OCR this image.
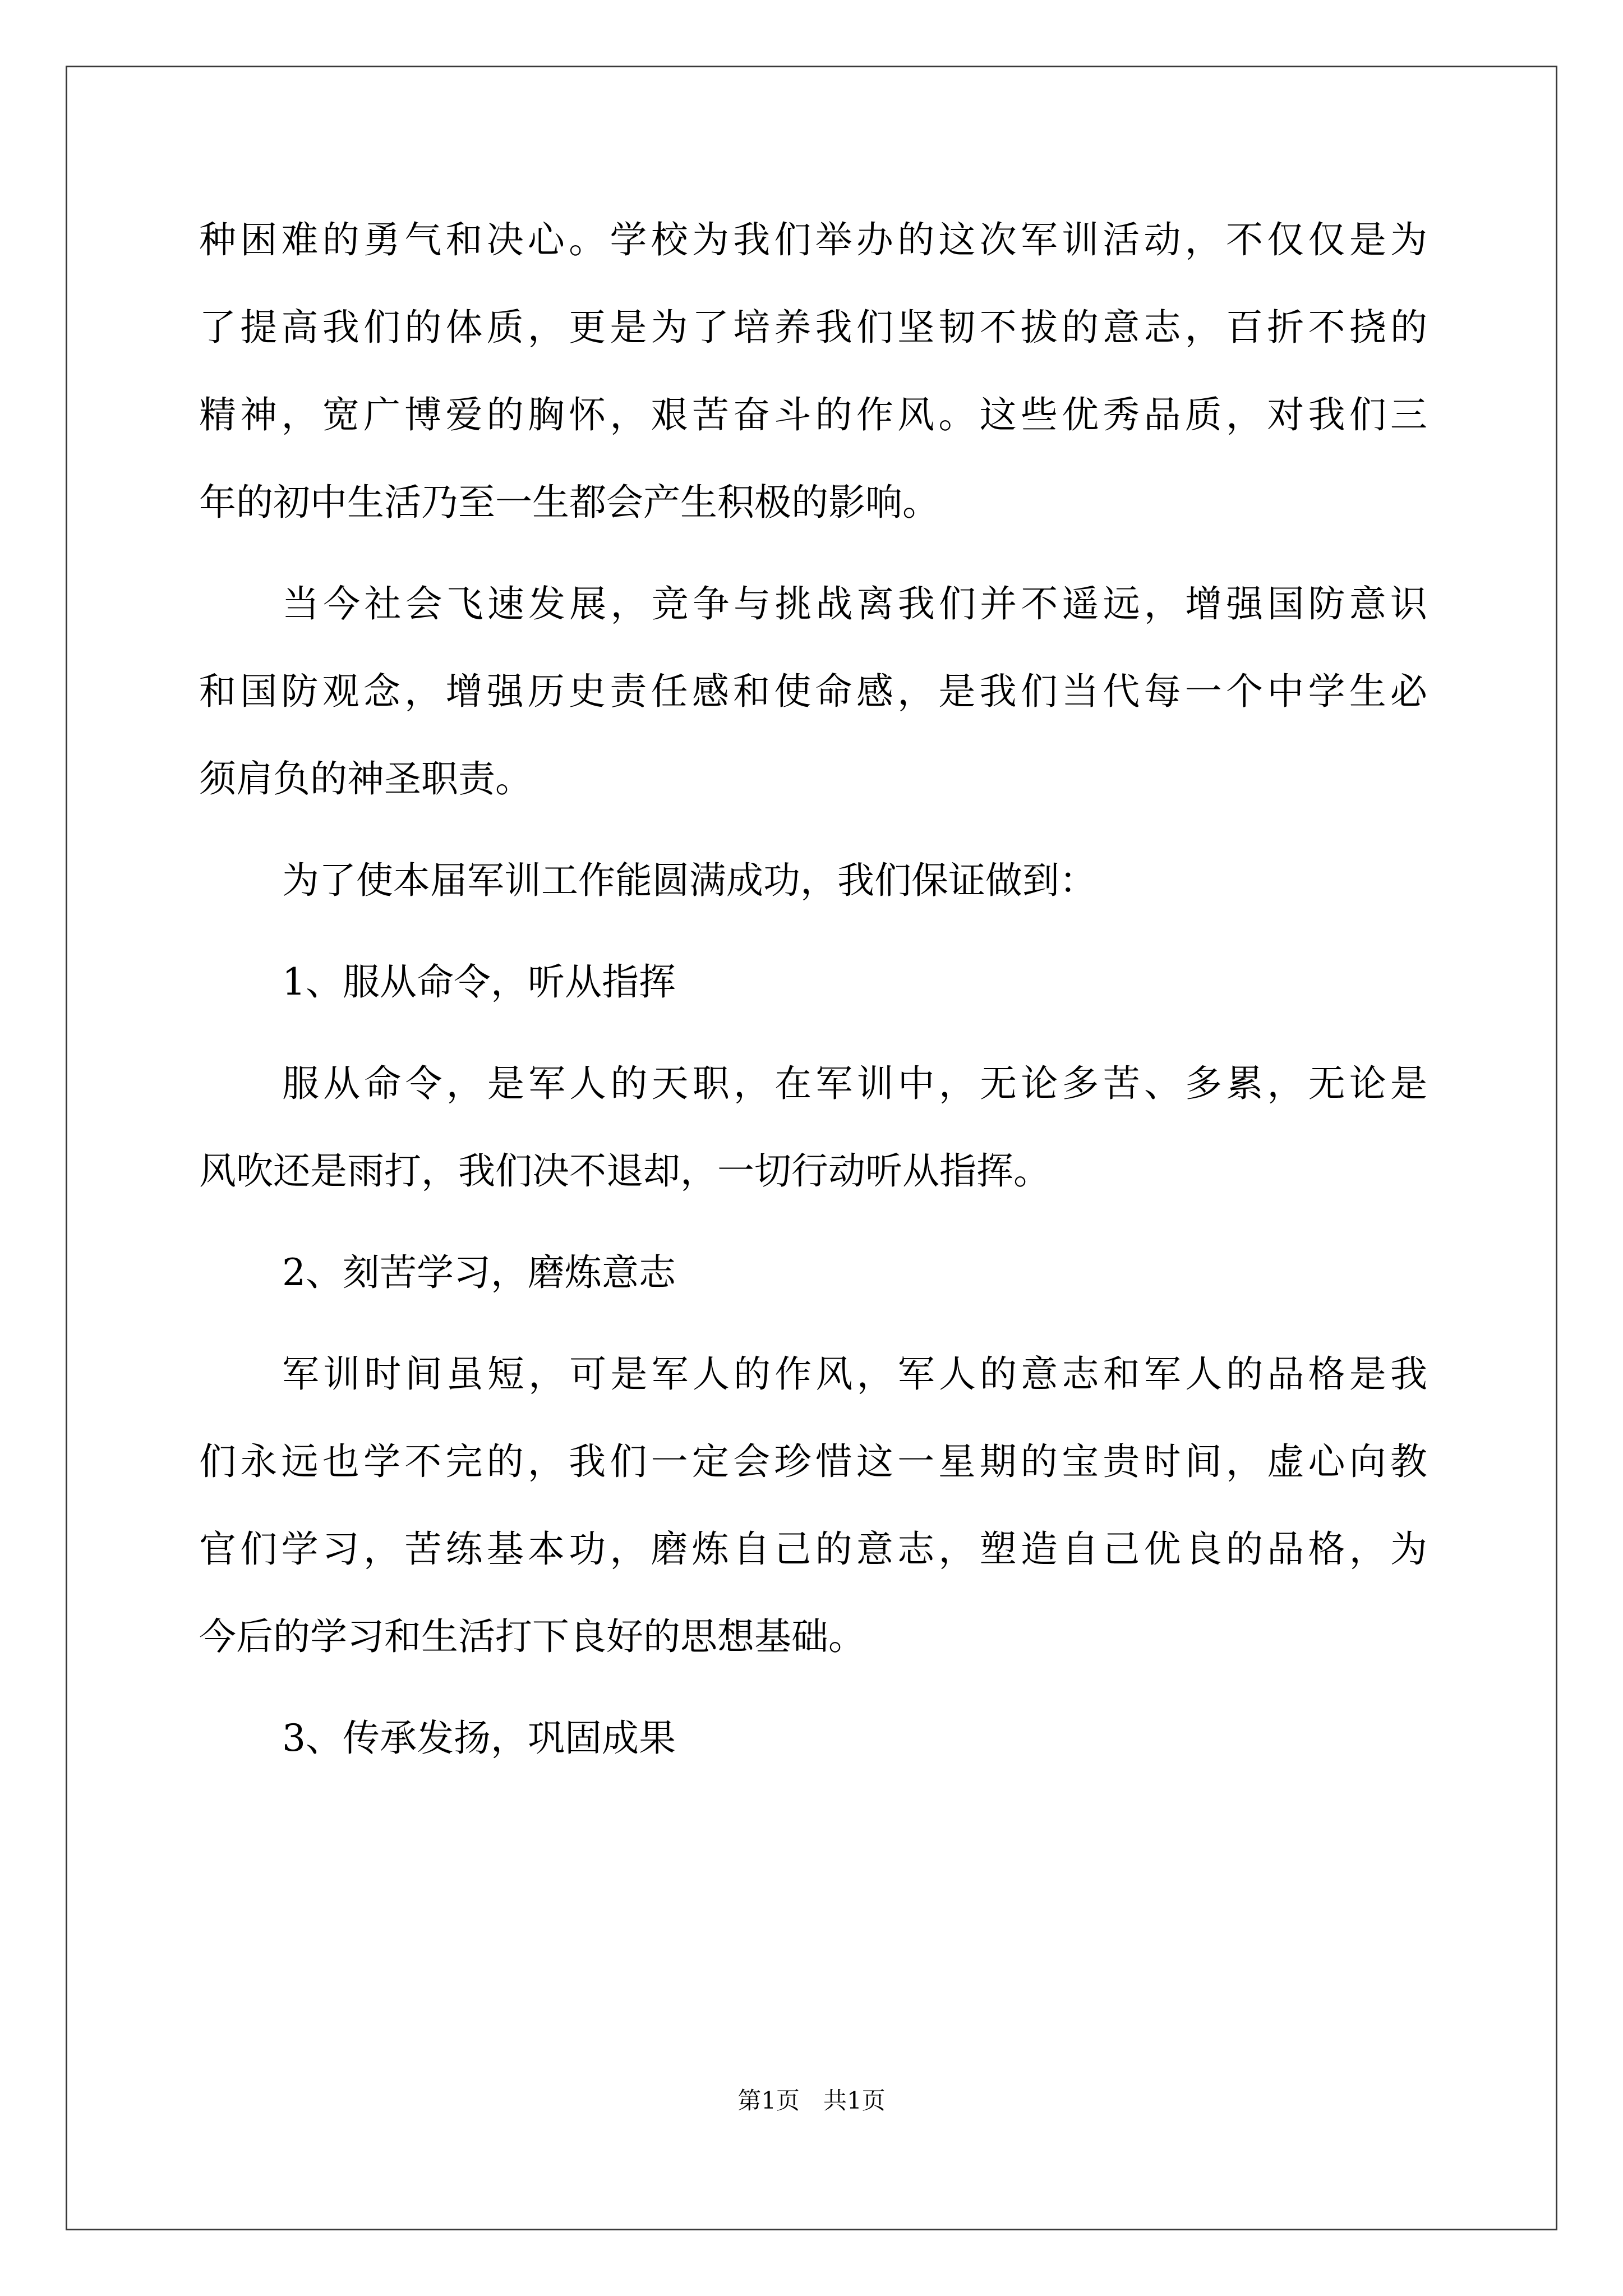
种困难的勇气和决心。学校为我们举办的这次军训活动，不仅仅是为
了提高我们的体质，更是为了培养我们坚韧不拔的意志，百折不挠的
精神，宽广博爱的胸怀，艰苦奋斗的作风。这些优秀品质，对我们三
年的初中生活乃至一生都会产生积极的影响。
当今社会飞速发展，竞争与挑战离我们并不遥远，增强国防意识
和国防观念，增强历史责任感和使命感，是我们当代每一个中学生必
须肩负的神圣职责。
为了使本届军训工作能圆满成功，我们保证做到：
1、服从命令，听从指挥
服从命令，是军人的天职，在军训中，无论多苦、多累，无论是
风吹还是雨打，我们决不退却，一切行动听从指挥。
2、刻苦学习，磨炼意志
军训时间虽短，可是军人的作风，军人的意志和军人的品格是我
们永远也学不完的，我们一定会珍惜这一星期的宝贵时间，虚心向教
官们学习，苦练基本功，磨炼自己的意志，塑造自己优良的品格，为
今后的学习和生活打下良好的思想基础。
3、传承发扬，巩固成果
第1页　共1页
